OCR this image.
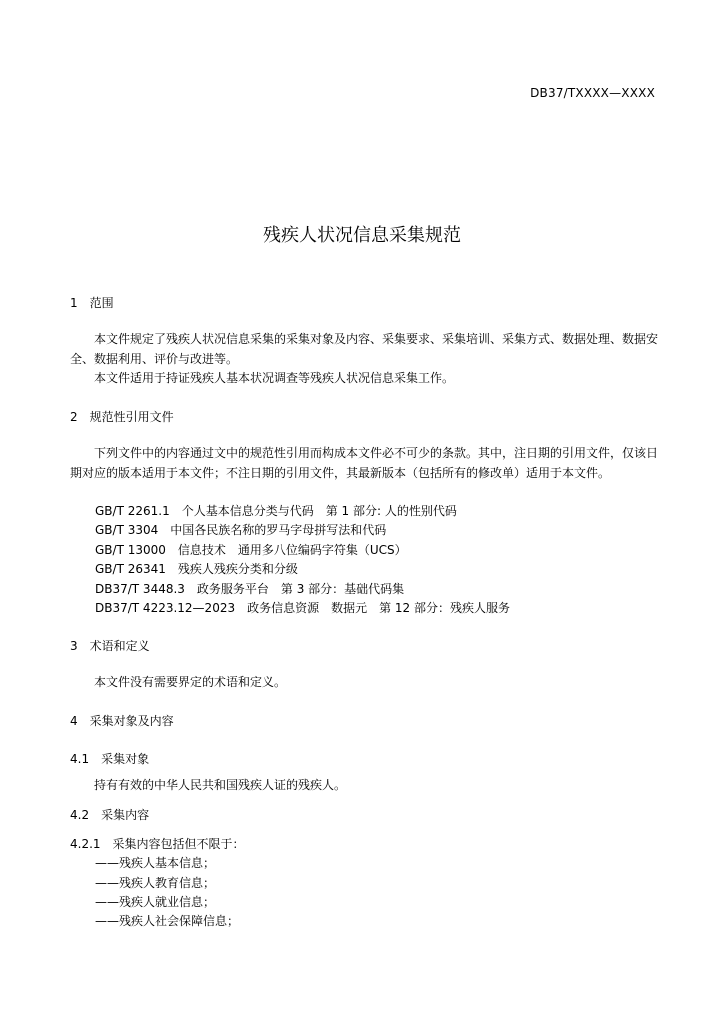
DB37/TXXXX—XXXX
残疾人状况信息采集规范
1 范围
本文件规定了残疾人状况信息采集的采集对象及内容、采集要求、采集培训、采集方式、数据处理、数据安全、数据利用、评价与改进等。
本文件适用于持证残疾人基本状况调查等残疾人状况信息采集工作。
2 规范性引用文件
下列文件中的内容通过文中的规范性引用而构成本文件必不可少的条款。其中，注日期的引用文件，仅该日期对应的版本适用于本文件；不注日期的引用文件，其最新版本（包括所有的修改单）适用于本文件。
GB/T 2261.1　个人基本信息分类与代码　第 1 部分: 人的性别代码
GB/T 3304　中国各民族名称的罗马字母拼写法和代码
GB/T 13000　信息技术　通用多八位编码字符集（UCS）
GB/T 26341　残疾人残疾分类和分级
DB37/T 3448.3　政务服务平台　第 3 部分：基础代码集
DB37/T 4223.12—2023　政务信息资源　数据元　第 12 部分：残疾人服务
3 术语和定义
本文件没有需要界定的术语和定义。
4 采集对象及内容
4.1 采集对象
持有有效的中华人民共和国残疾人证的残疾人。
4.2 采集内容
4.2.1 采集内容包括但不限于：
——残疾人基本信息；
——残疾人教育信息；
——残疾人就业信息；
——残疾人社会保障信息；
